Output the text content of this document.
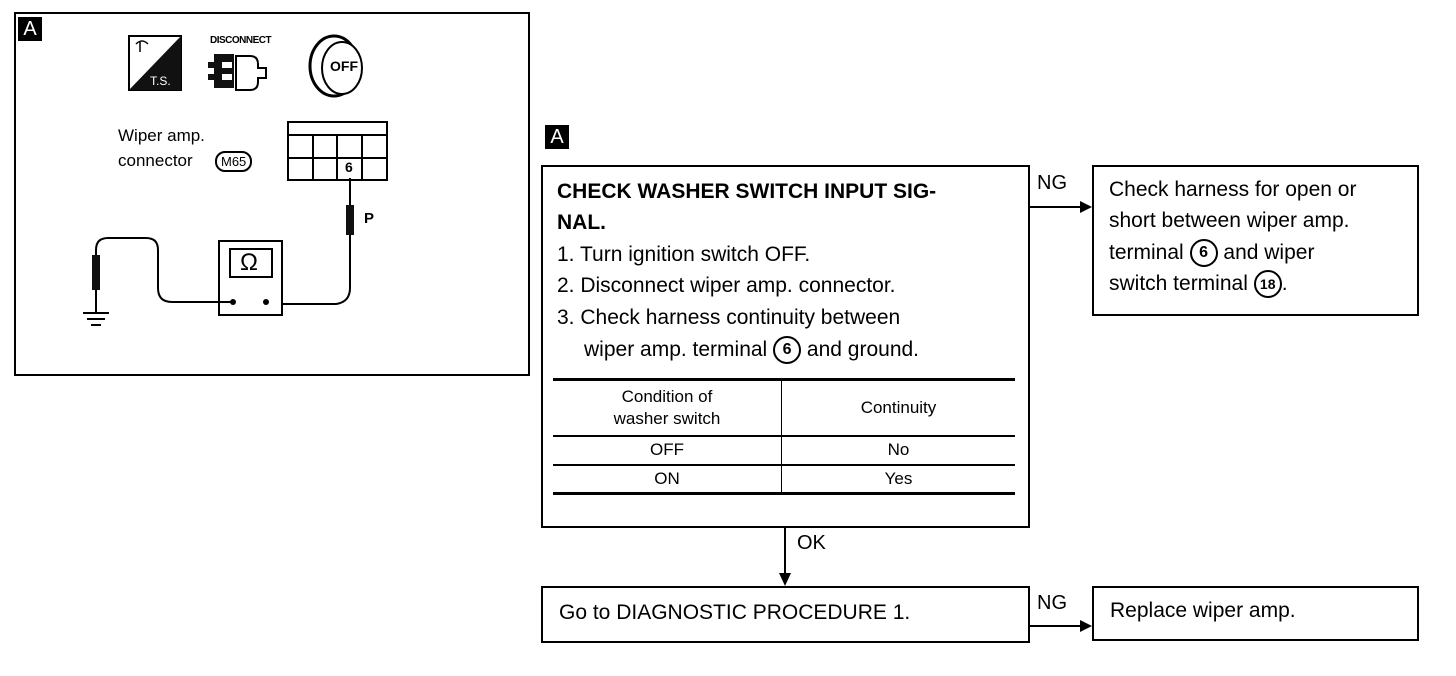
A
T.S.
DISCONNECT
OFF
Wiper amp.
connector	M65	6
P
Ω
A
CHECK WASHER SWITCH INPUT SIG-
NAL.
1. Turn ignition switch OFF.
2. Disconnect wiper amp. connector.
3. Check harness continuity between
wiper amp. terminal 6 and ground.
Condition of washer switch	Continuity
OFF	No
ON	Yes
NG Check harness for open or
short between wiper amp.
terminal 6 and wiper
switch terminal 18 .
OK
Go to DIAGNOSTIC PROCEDURE 1.	NG Replace wiper amp.
